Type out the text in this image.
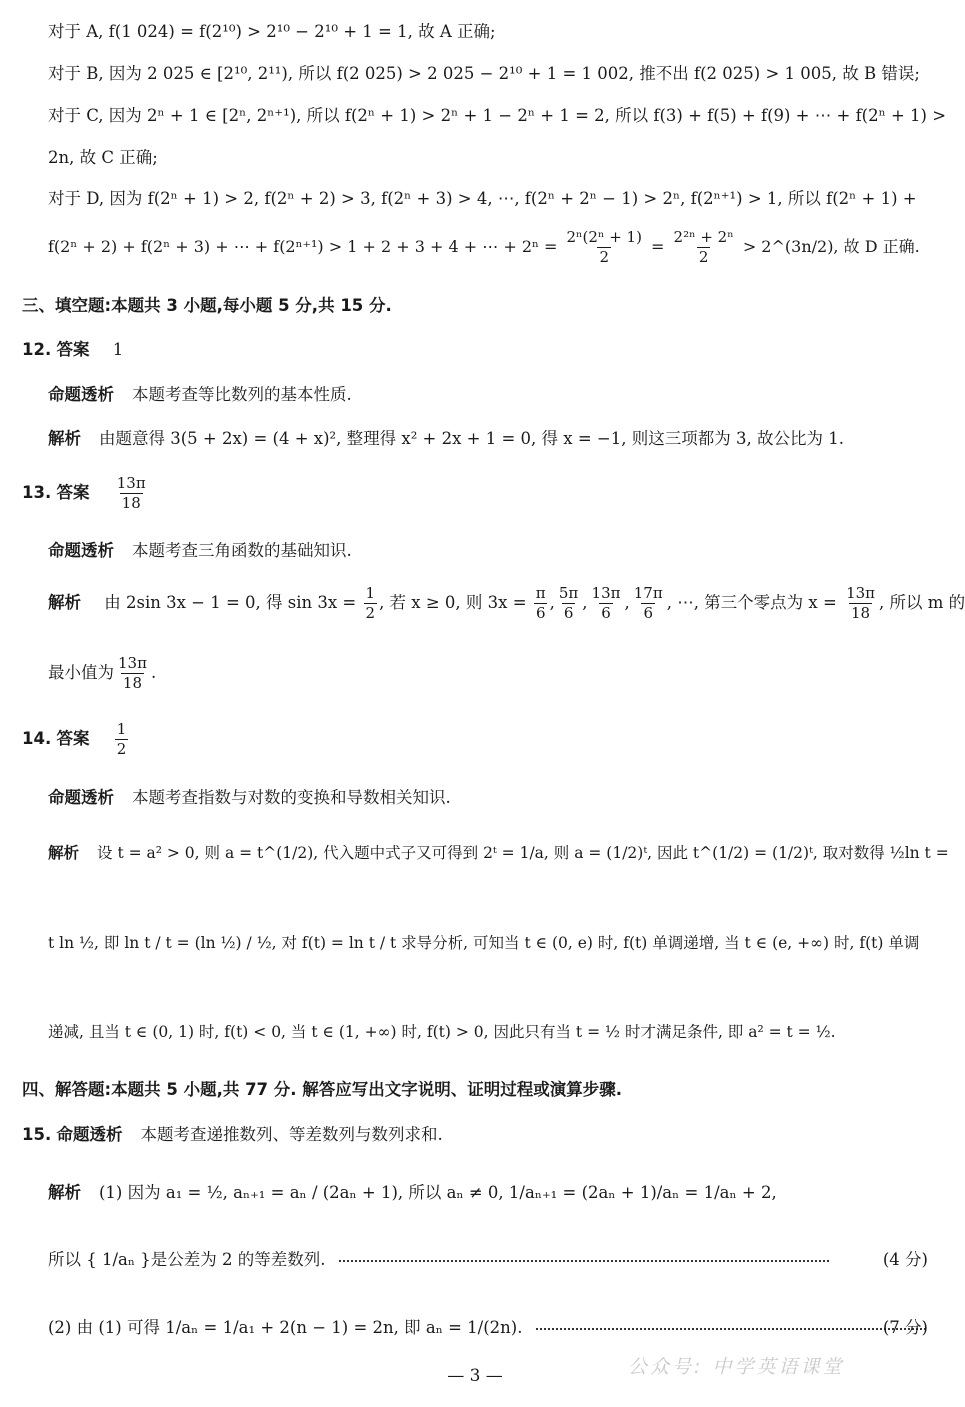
对于 A, f(1 024) = f(2¹⁰) > 2¹⁰ − 2¹⁰ + 1 = 1, 故 A 正确;
对于 B, 因为 2 025 ∈ [2¹⁰, 2¹¹), 所以 f(2 025) > 2 025 − 2¹⁰ + 1 = 1 002, 推不出 f(2 025) > 1 005, 故 B 错误;
对于 C, 因为 2ⁿ + 1 ∈ [2ⁿ, 2ⁿ⁺¹), 所以 f(2ⁿ + 1) > 2ⁿ + 1 − 2ⁿ + 1 = 2, 所以 f(3) + f(5) + f(9) + ⋯ + f(2ⁿ + 1) >
2n, 故 C 正确;
对于 D, 因为 f(2ⁿ + 1) > 2, f(2ⁿ + 2) > 3, f(2ⁿ + 3) > 4, ⋯, f(2ⁿ + 2ⁿ − 1) > 2ⁿ, f(2ⁿ⁺¹) > 1, 所以 f(2ⁿ + 1) +
f(2ⁿ + 2) + f(2ⁿ + 3) + ⋯ + f(2ⁿ⁺¹) > 1 + 2 + 3 + 4 + ⋯ + $2^n = \frac{\text{2ⁿ(2ⁿ + 1)}}{2} = \frac{\text{2²ⁿ + 2ⁿ}}{2}$ > 2^(3n/2), 故 D 正确.
三、填空题:本题共 3 小题,每小题 5 分,共 15 分.
12. 答案 1
命题透析 本题考查等比数列的基本性质.
解析 由题意得 3(5 + 2x) = (4 + x)², 整理得 x² + 2x + 1 = 0, 得 x = −1, 则这三项都为 3, 故公比为 1.
13. 答案 $\frac{13\pi}{18}$
命题透析 本题考查三角函数的基础知识.
解析 由 2sin 3x − 1 = 0, 得 $\sin 3x = \frac{1}{2}$ , 若 x ≥ 0, 则 $3x = \frac{\pi}{6}$ , $\frac{5\pi}{6}$ , $\frac{13\pi}{6}$ , $\frac{17\pi}{6}$ , ⋯, 第三个零点为 $x = \frac{13\pi}{18}$ , 所以 m 的
最小值为 $\frac{13\pi}{18}$ .
14. 答案 $\frac{1}{2}$
命题透析 本题考查指数与对数的变换和导数相关知识.
解析 设 t = a² > 0, 则 a = t^(1/2), 代入题中式子又可得到 2ᵗ = 1/a, 则 a = (1/2)ᵗ, 因此 t^(1/2) = (1/2)ᵗ, 取对数得 ½ln t =
t ln ½, 即 ln t / t = (ln ½) / ½, 对 f(t) = ln t / t 求导分析, 可知当 t ∈ (0, e) 时, f(t) 单调递增, 当 t ∈ (e, +∞) 时, f(t) 单调
递减, 且当 t ∈ (0, 1) 时, f(t) < 0, 当 t ∈ (1, +∞) 时, f(t) > 0, 因此只有当 t = ½ 时才满足条件, 即 a² = t = ½.
四、解答题:本题共 5 小题,共 77 分. 解答应写出文字说明、证明过程或演算步骤.
15. 命题透析 本题考查递推数列、等差数列与数列求和.
解析 (1) 因为 a₁ = ½, aₙ₊₁ = aₙ / (2aₙ + 1), 所以 aₙ ≠ 0, 1/aₙ₊₁ = (2aₙ + 1)/aₙ = 1/aₙ + 2,
所以 { 1/aₙ }是公差为 2 的等差数列.	(4 分)
(2) 由 (1) 可得 1/aₙ = 1/a₁ + 2(n − 1) = 2n, 即 aₙ = 1/(2n).	(7 分)
公众号: 中学英语课堂
— 3 —
